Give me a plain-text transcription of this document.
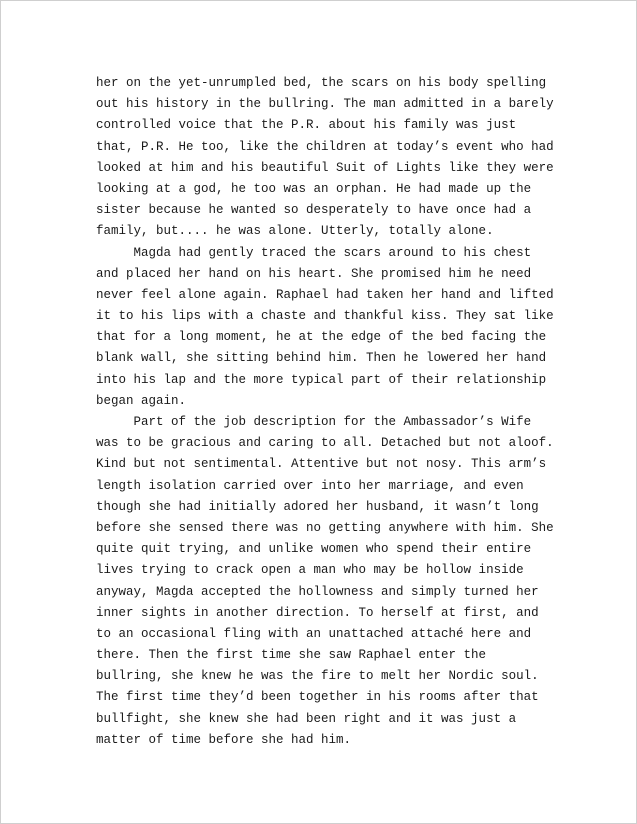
her on the yet-unrumpled bed, the scars on his body spelling
out his history in the bullring. The man admitted in a barely
controlled voice that the P.R. about his family was just
that, P.R. He too, like the children at today’s event who had
looked at him and his beautiful Suit of Lights like they were
looking at a god, he too was an orphan. He had made up the
sister because he wanted so desperately to have once had a
family, but.... he was alone. Utterly, totally alone.
Magda had gently traced the scars around to his chest
and placed her hand on his heart. She promised him he need
never feel alone again. Raphael had taken her hand and lifted
it to his lips with a chaste and thankful kiss. They sat like
that for a long moment, he at the edge of the bed facing the
blank wall, she sitting behind him. Then he lowered her hand
into his lap and the more typical part of their relationship
began again.
Part of the job description for the Ambassador’s Wife
was to be gracious and caring to all. Detached but not aloof.
Kind but not sentimental. Attentive but not nosy. This arm’s
length isolation carried over into her marriage, and even
though she had initially adored her husband, it wasn’t long
before she sensed there was no getting anywhere with him. She
quite quit trying, and unlike women who spend their entire
lives trying to crack open a man who may be hollow inside
anyway, Magda accepted the hollowness and simply turned her
inner sights in another direction. To herself at first, and
to an occasional fling with an unattached attaché here and
there. Then the first time she saw Raphael enter the
bullring, she knew he was the fire to melt her Nordic soul.
The first time they’d been together in his rooms after that
bullfight, she knew she had been right and it was just a
matter of time before she had him.
